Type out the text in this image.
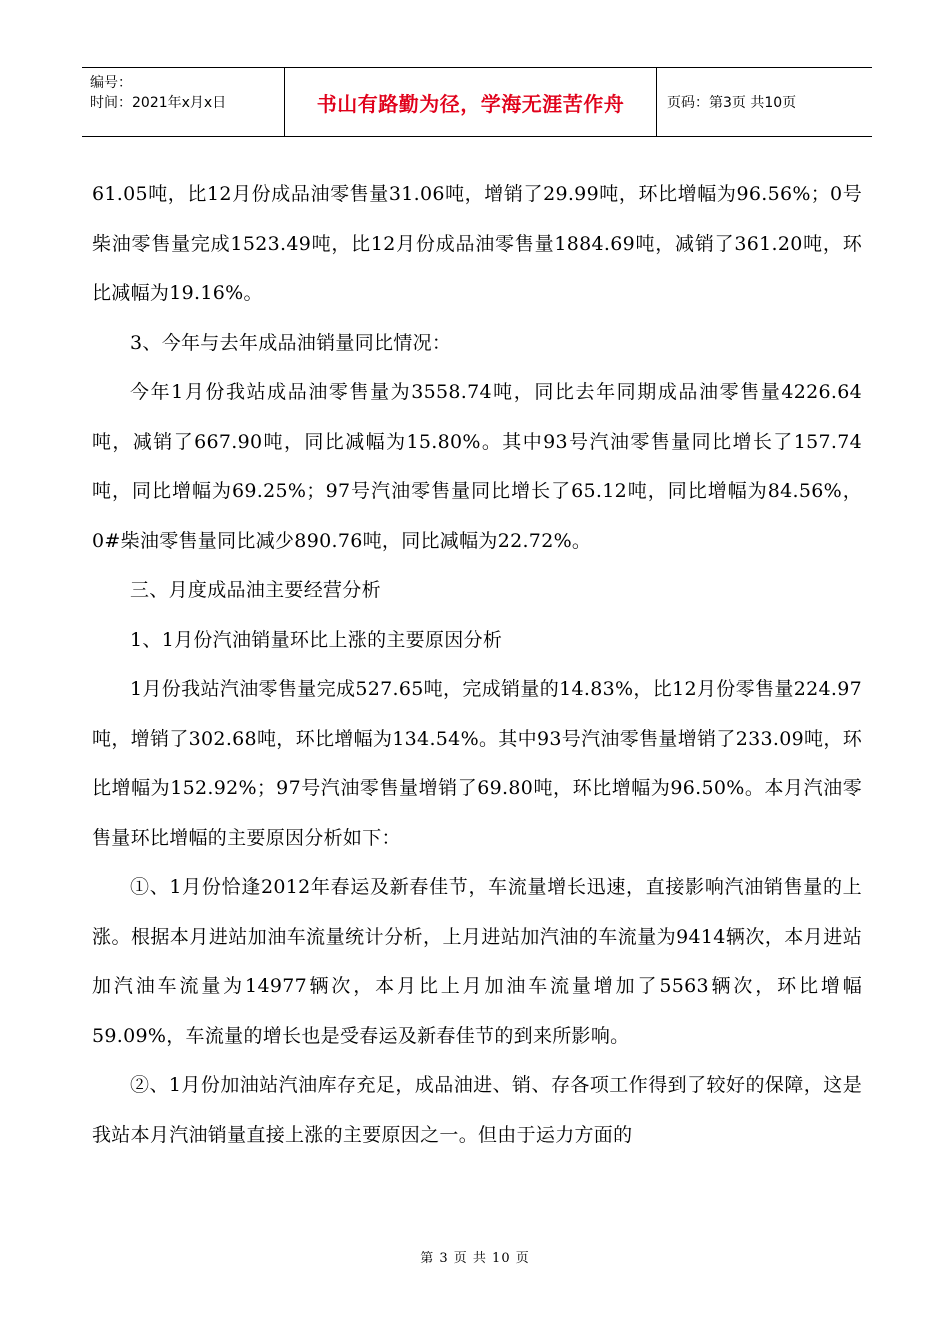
编号：
时间：2021年x月x日	书山有路勤为径，学海无涯苦作舟	页码：第3页 共10页

61.05吨，比12月份成品油零售量31.06吨，增销了29.99吨，环比增幅为96.56%；0号柴油零售量完成1523.49吨，比12月份成品油零售量1884.69吨，减销了361.20吨，环比减幅为19.16%。

3、今年与去年成品油销量同比情况：

今年1月份我站成品油零售量为3558.74吨，同比去年同期成品油零售量4226.64吨，减销了667.90吨，同比减幅为15.80%。其中93号汽油零售量同比增长了157.74吨，同比增幅为69.25%；97号汽油零售量同比增长了65.12吨，同比增幅为84.56%，0#柴油零售量同比减少890.76吨，同比减幅为22.72%。

三、月度成品油主要经营分析

1、1月份汽油销量环比上涨的主要原因分析

1月份我站汽油零售量完成527.65吨，完成销量的14.83%，比12月份零售量224.97吨，增销了302.68吨，环比增幅为134.54%。其中93号汽油零售量增销了233.09吨，环比增幅为152.92%；97号汽油零售量增销了69.80吨，环比增幅为96.50%。本月汽油零售量环比增幅的主要原因分析如下：

①、1月份恰逢2012年春运及新春佳节，车流量增长迅速，直接影响汽油销售量的上涨。根据本月进站加油车流量统计分析，上月进站加汽油的车流量为9414辆次，本月进站加汽油车流量为14977辆次，本月比上月加油车流量增加了5563辆次，环比增幅59.09%，车流量的增长也是受春运及新春佳节的到来所影响。

②、1月份加油站汽油库存充足，成品油进、销、存各项工作得到了较好的保障，这是我站本月汽油销量直接上涨的主要原因之一。但由于运力方面的

第 3 页 共 10 页
